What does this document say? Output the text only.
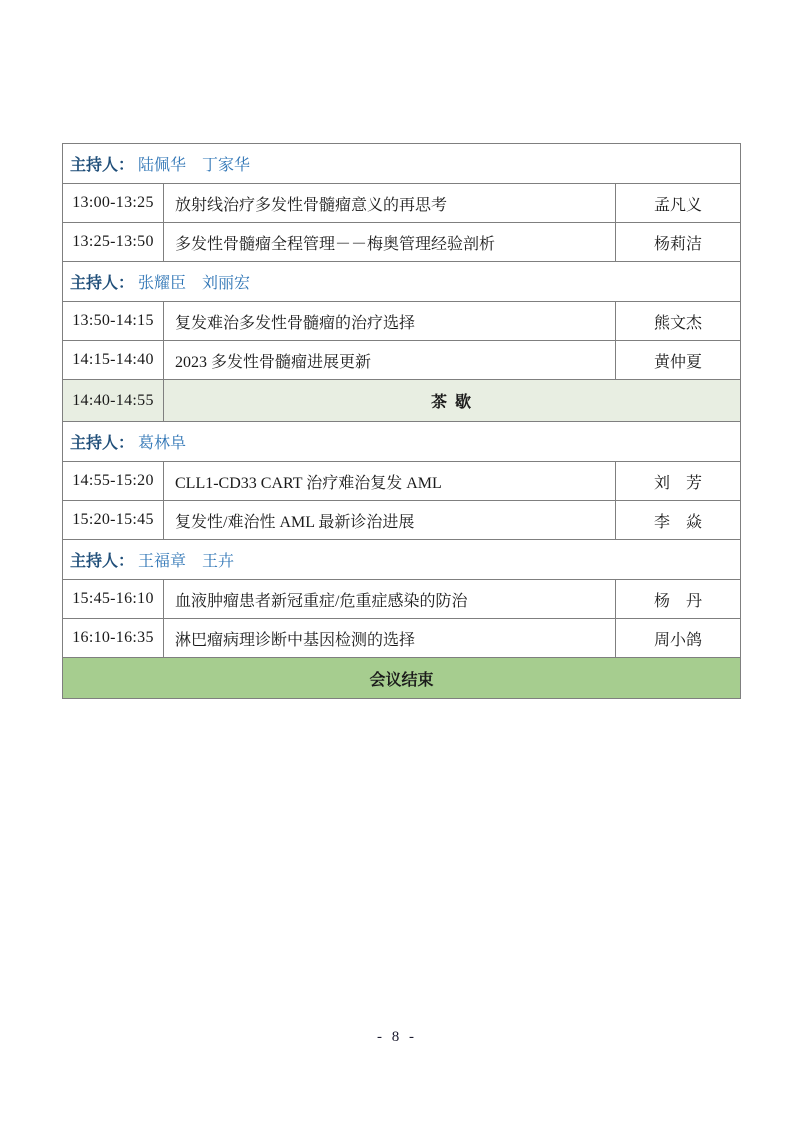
主持人： 陆佩华　丁家华		
13:00-13:25	放射线治疗多发性骨髓瘤意义的再思考	孟凡义
13:25-13:50	多发性骨髓瘤全程管理－－梅奥管理经验剖析	杨莉洁
主持人： 张耀臣　刘丽宏		
13:50-14:15	复发难治多发性骨髓瘤的治疗选择	熊文杰
14:15-14:40	2023 多发性骨髓瘤进展更新	黄仲夏
14:40-14:55	茶 歇	
主持人： 葛林阜		
14:55-15:20	CLL1-CD33 CART 治疗难治复发 AML	刘　芳
15:20-15:45	复发性/难治性 AML 最新诊治进展	李　焱
主持人： 王福章　王卉		
15:45-16:10	血液肿瘤患者新冠重症/危重症感染的防治	杨　丹
16:10-16:35	淋巴瘤病理诊断中基因检测的选择	周小鸽
会议结束		
- 8 -
